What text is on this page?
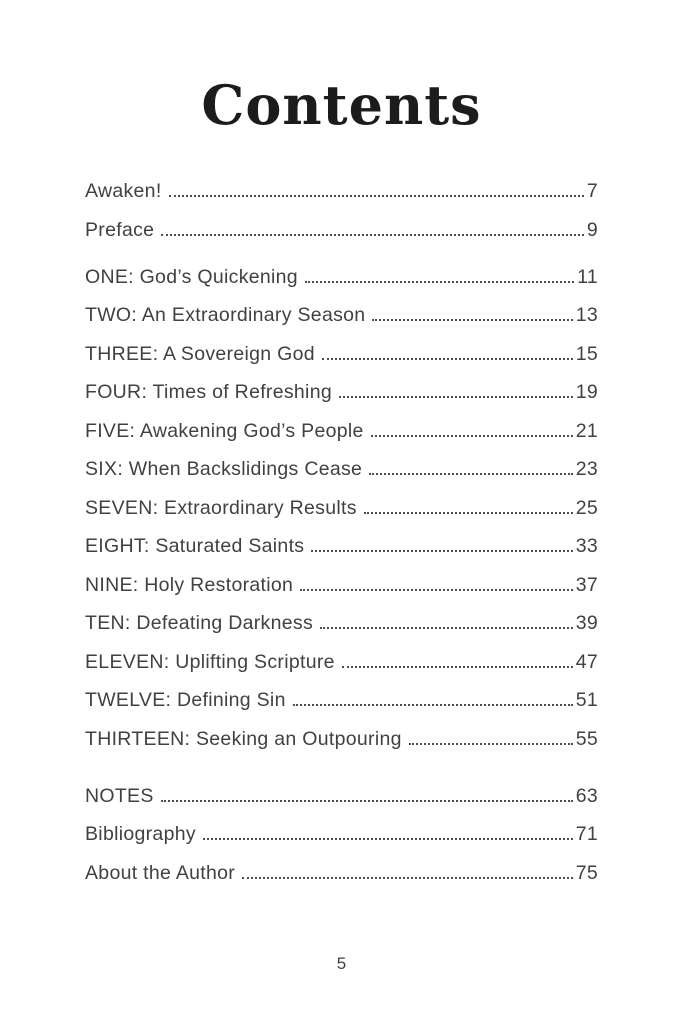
Contents
Awaken!	7
Preface	9
ONE: God’s Quickening	11
TWO: An Extraordinary Season	13
THREE: A Sovereign God	15
FOUR: Times of Refreshing	19
FIVE: Awakening God’s People	21
SIX: When Backslidings Cease	23
SEVEN: Extraordinary Results	25
EIGHT: Saturated Saints	33
NINE: Holy Restoration	37
TEN: Defeating Darkness	39
ELEVEN: Uplifting Scripture	47
TWELVE: Defining Sin	51
THIRTEEN: Seeking an Outpouring	55
NOTES	63
Bibliography	71
About the Author	75
5
